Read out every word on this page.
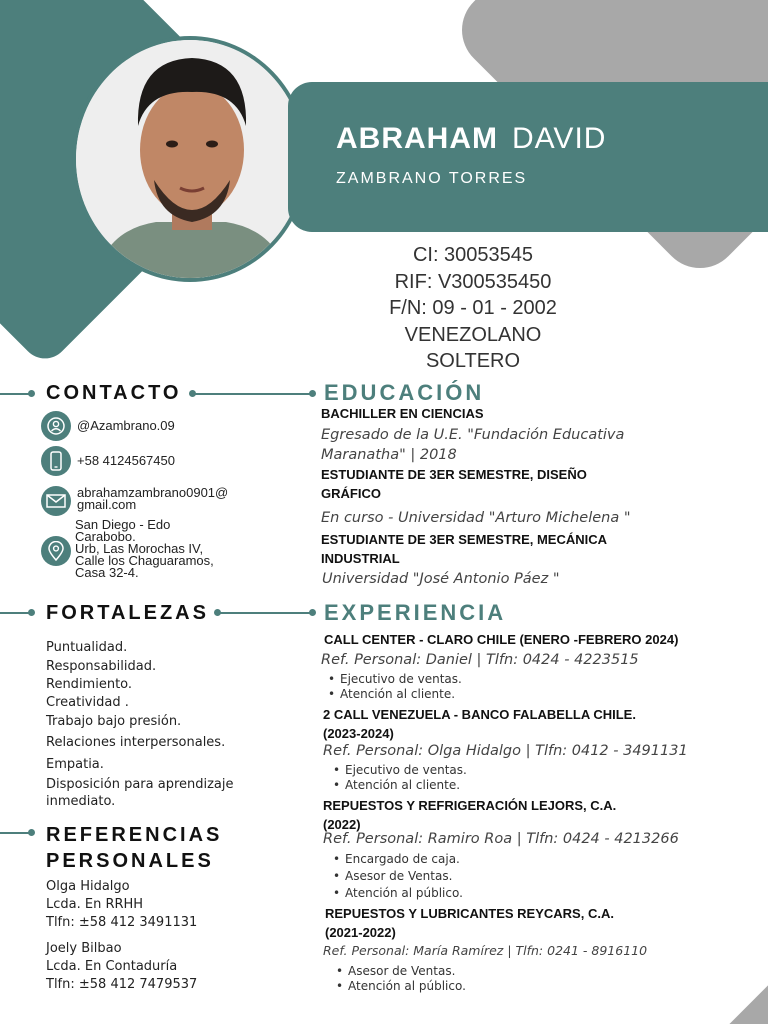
ABRAHAM DAVID
ZAMBRANO TORRES
CI: 30053545
RIF: V300535450
F/N: 09 - 01 - 2002
VENEZOLANO
SOLTERO
CONTACTO
@Azambrano.09
+58 4124567450
abrahamzambrano0901@
gmail.com
San Diego - Edo
Carabobo.
Urb, Las Morochas IV,
Calle los Chaguaramos,
Casa 32-4.
FORTALEZAS
Puntualidad.
Responsabilidad.
Rendimiento.
Creatividad .
Trabajo bajo presión.
Relaciones interpersonales.
Empatia.
Disposición para aprendizaje
inmediato.
REFERENCIAS
PERSONALES
Olga Hidalgo
Lcda. En RRHH
Tlfn: ±58 412 3491131
Joely Bilbao
Lcda. En Contaduría
Tlfn: ±58 412 7479537
EDUCACIÓN
BACHILLER EN CIENCIAS
Egresado de la U.E. "Fundación Educativa
Maranatha" | 2018
ESTUDIANTE DE 3ER SEMESTRE, DISEÑO
GRÁFICO
En curso - Universidad "Arturo Michelena "
ESTUDIANTE DE 3ER SEMESTRE, MECÁNICA
INDUSTRIAL
Universidad "José Antonio Páez "
EXPERIENCIA
CALL CENTER - CLARO CHILE (ENERO -FEBRERO 2024)
Ref. Personal: Daniel | Tlfn: 0424 - 4223515
• Ejecutivo de ventas.
• Atención al cliente.
2 CALL VENEZUELA - BANCO FALABELLA CHILE.
(2023-2024)
Ref. Personal: Olga Hidalgo | Tlfn: 0412 - 3491131
• Ejecutivo de ventas.
• Atención al cliente.
REPUESTOS Y REFRIGERACIÓN LEJORS, C.A.
(2022)
Ref. Personal: Ramiro Roa | Tlfn: 0424 - 4213266
• Encargado de caja.
• Asesor de Ventas.
• Atención al público.
REPUESTOS Y LUBRICANTES REYCARS, C.A.
(2021-2022)
Ref. Personal: María Ramírez | Tlfn: 0241 - 8916110
• Asesor de Ventas.
• Atención al público.
